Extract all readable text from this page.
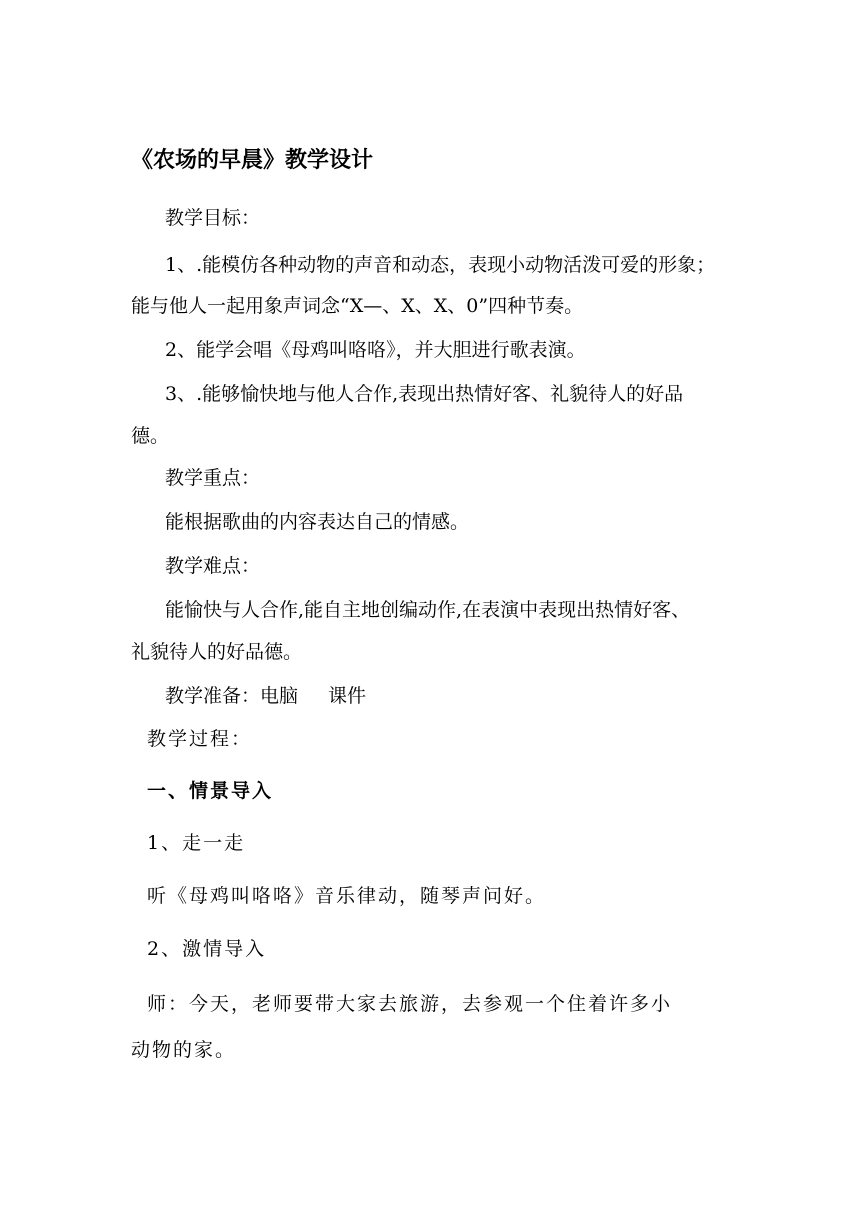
《农场的早晨》教学设计
教学目标：
1、.能模仿各种动物的声音和动态，表现小动物活泼可爱的形象；
能与他人一起用象声词念“X—、X、X、0”四种节奏。
2、能学会唱《母鸡叫咯咯》，并大胆进行歌表演。
3、.能够愉快地与他人合作,表现出热情好客、礼貌待人的好品
德。
教学重点：
能根据歌曲的内容表达自己的情感。
教学难点：
能愉快与人合作,能自主地创编动作,在表演中表现出热情好客、
礼貌待人的好品德。
教学准备：电脑 课件
教学过程：
一、情景导入
1、走一走
听《母鸡叫咯咯》音乐律动，随琴声问好。
2、激情导入
师：今天，老师要带大家去旅游，去参观一个住着许多小
动物的家。
